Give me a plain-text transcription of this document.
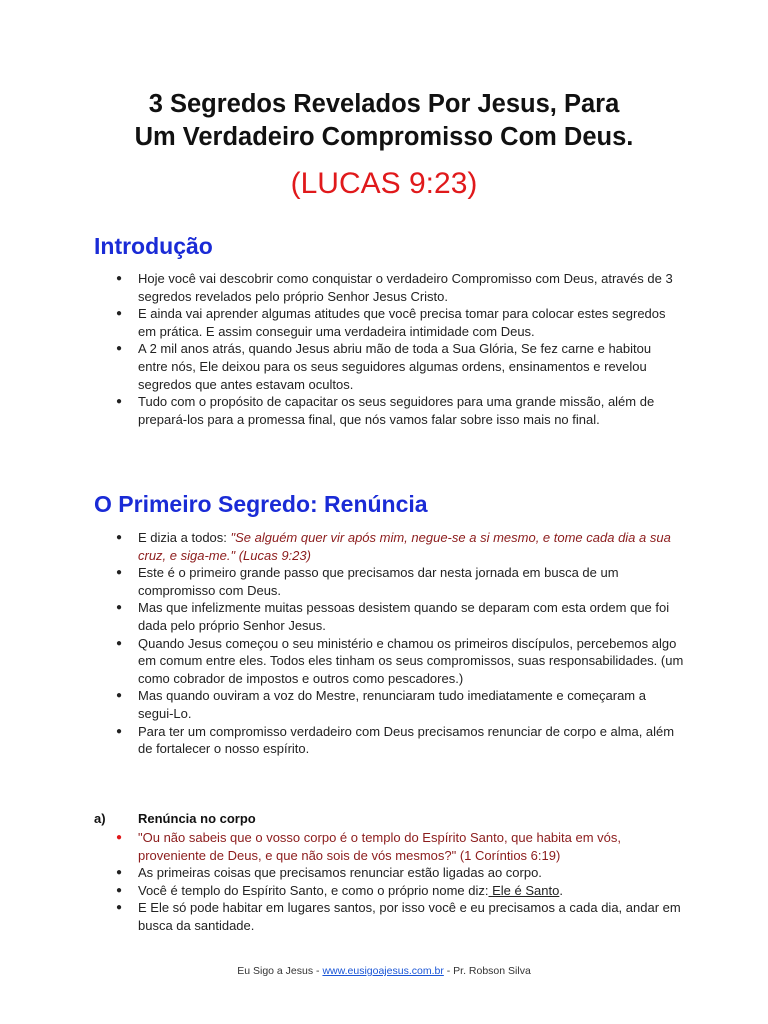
3 Segredos Revelados Por Jesus, Para
Um Verdadeiro Compromisso Com Deus.
(LUCAS 9:23)
Introdução
● Hoje você vai descobrir como conquistar o verdadeiro Compromisso com Deus, através de 3 segredos revelados pelo próprio Senhor Jesus Cristo.
● E ainda vai aprender algumas atitudes que você precisa tomar para colocar estes segredos em prática. E assim conseguir uma verdadeira intimidade com Deus.
● A 2 mil anos atrás, quando Jesus abriu mão de toda a Sua Glória, Se fez carne e habitou entre nós, Ele deixou para os seus seguidores algumas ordens, ensinamentos e revelou segredos que antes estavam ocultos.
● Tudo com o propósito de capacitar os seus seguidores para uma grande missão, além de prepará-los para a promessa final, que nós vamos falar sobre isso mais no final.
O Primeiro Segredo: Renúncia
● E dizia a todos: "Se alguém quer vir após mim, negue-se a si mesmo, e tome cada dia a sua cruz, e siga-me." (Lucas 9:23)
● Este é o primeiro grande passo que precisamos dar nesta jornada em busca de um compromisso com Deus.
● Mas que infelizmente muitas pessoas desistem quando se deparam com esta ordem que foi dada pelo próprio Senhor Jesus.
● Quando Jesus começou o seu ministério e chamou os primeiros discípulos, percebemos algo em comum entre eles. Todos eles tinham os seus compromissos, suas responsabilidades. (um como cobrador de impostos e outros como pescadores.)
● Mas quando ouviram a voz do Mestre, renunciaram tudo imediatamente e começaram a segui-Lo.
● Para ter um compromisso verdadeiro com Deus precisamos renunciar de corpo e alma, além de fortalecer o nosso espírito.
a) Renúncia no corpo
● "Ou não sabeis que o vosso corpo é o templo do Espírito Santo, que habita em vós, proveniente de Deus, e que não sois de vós mesmos?" (1 Coríntios 6:19)
● As primeiras coisas que precisamos renunciar estão ligadas ao corpo.
● Você é templo do Espírito Santo, e como o próprio nome diz: Ele é Santo.
● E Ele só pode habitar em lugares santos, por isso você e eu precisamos a cada dia, andar em busca da santidade.
Eu Sigo a Jesus - www.eusigoajesus.com.br - Pr. Robson Silva
